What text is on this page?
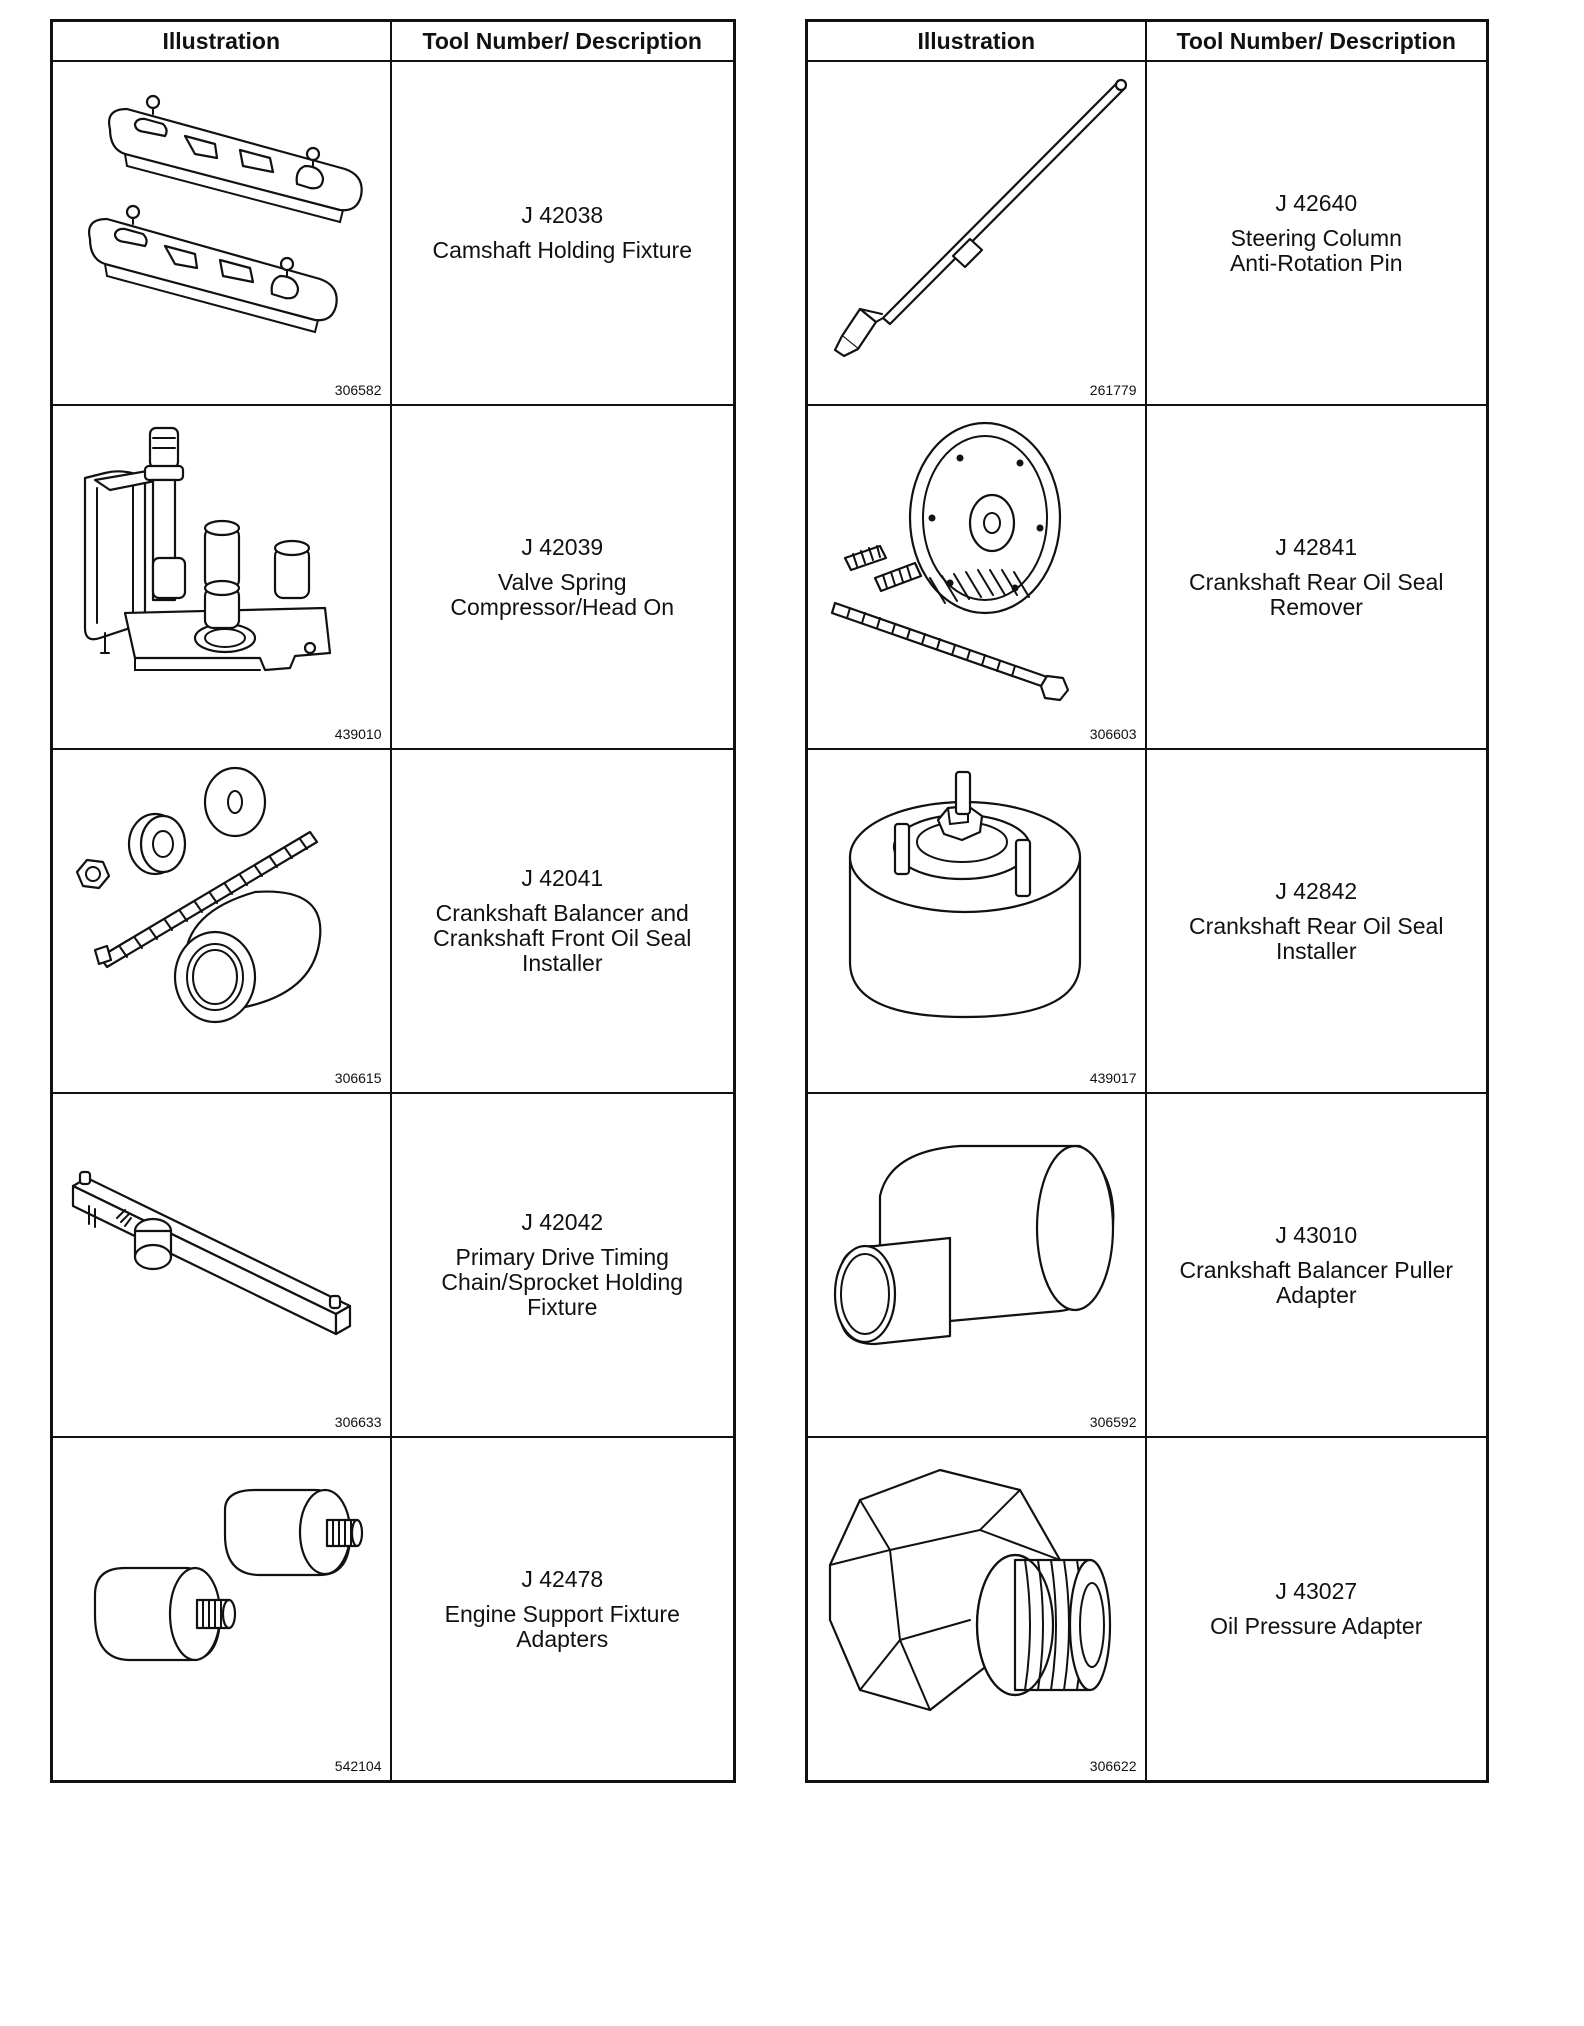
Illustration	Tool Number/ Description

306582	J 42038
Camshaft Holding Fixture

439010	J 42039
Valve Spring
Compressor/Head On

306615	J 42041
Crankshaft Balancer and
Crankshaft Front Oil Seal
Installer

306633	J 42042
Primary Drive Timing
Chain/Sprocket Holding
Fixture

542104	J 42478
Engine Support Fixture
Adapters
Illustration	Tool Number/ Description

261779	J 42640
Steering Column
Anti-Rotation Pin

306603	J 42841
Crankshaft Rear Oil Seal
Remover

439017	J 42842
Crankshaft Rear Oil Seal
Installer

306592	J 43010
Crankshaft Balancer Puller
Adapter

306622	J 43027
Oil Pressure Adapter
